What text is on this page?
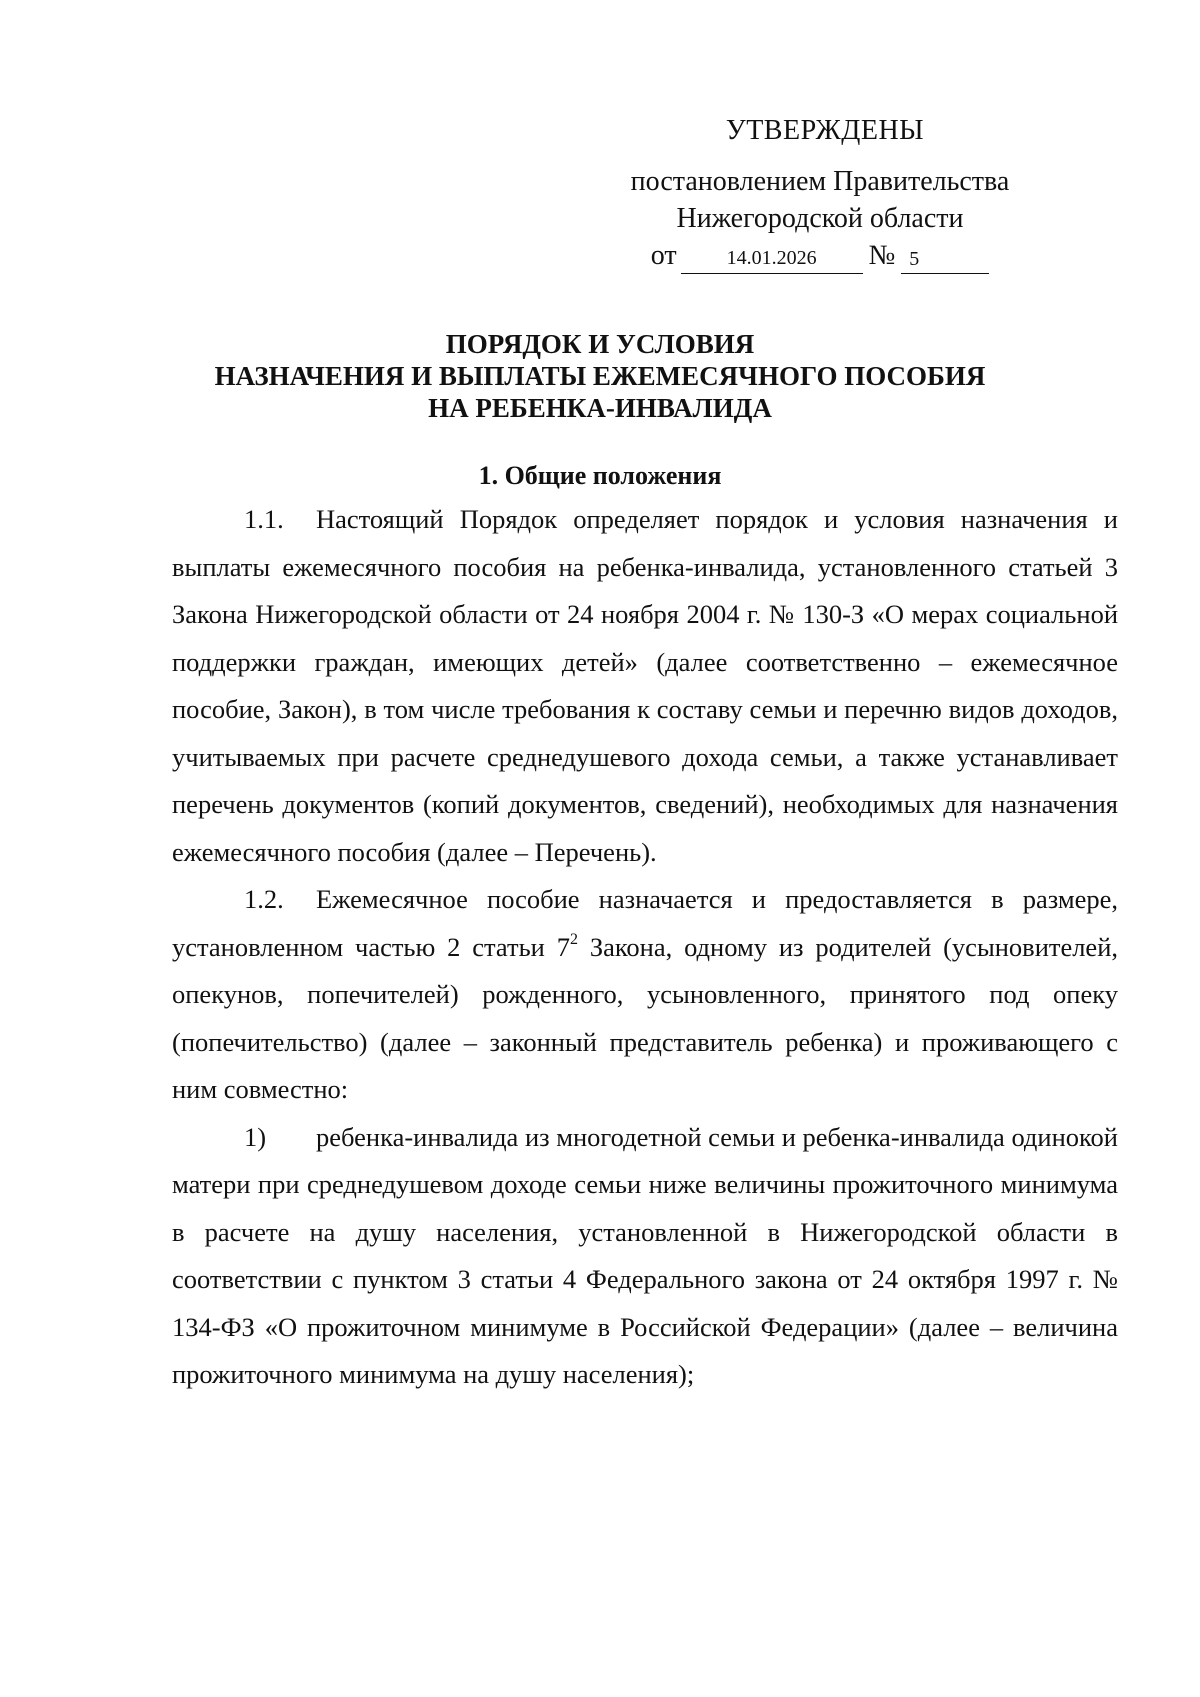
УТВЕРЖДЕНЫ
постановлением Правительства
Нижегородской области
от	$^{14.01.2026}$ № $^5$
ПОРЯДОК И УСЛОВИЯ
НАЗНАЧЕНИЯ И ВЫПЛАТЫ ЕЖЕМЕСЯЧНОГО ПОСОБИЯ
НА РЕБЕНКА-ИНВАЛИДА
1. Общие положения

1.1. Настоящий Порядок определяет порядок и условия назначения и выплаты ежемесячного пособия на ребенка-инвалида, установленного статьей 3 Закона Нижегородской области от 24 ноября 2004 г. № 130-З «О мерах социальной поддержки граждан, имеющих детей» (далее соответственно – ежемесячное пособие, Закон), в том числе требования к составу семьи и перечню видов доходов, учитываемых при расчете среднедушевого дохода семьи, а также устанавливает перечень документов (копий документов, сведений), необходимых для назначения ежемесячного пособия (далее – Перечень).

1.2. Ежемесячное пособие назначается и предоставляется в размере, установленном частью 2 статьи $7^2$ Закона, одному из родителей (усыновителей, опекунов, попечителей) рожденного, усыновленного, принятого под опеку (попечительство) (далее – законный представитель ребенка) и проживающего с ним совместно:

1) ребенка-инвалида из многодетной семьи и ребенка-инвалида одинокой матери при среднедушевом доходе семьи ниже величины прожиточного минимума в расчете на душу населения, установленной в Нижегородской области в соответствии с пунктом 3 статьи 4 Федерального закона от 24 октября 1997 г. № 134-ФЗ «О прожиточном минимуме в Российской Федерации» (далее – величина прожиточного минимума на душу населения);
